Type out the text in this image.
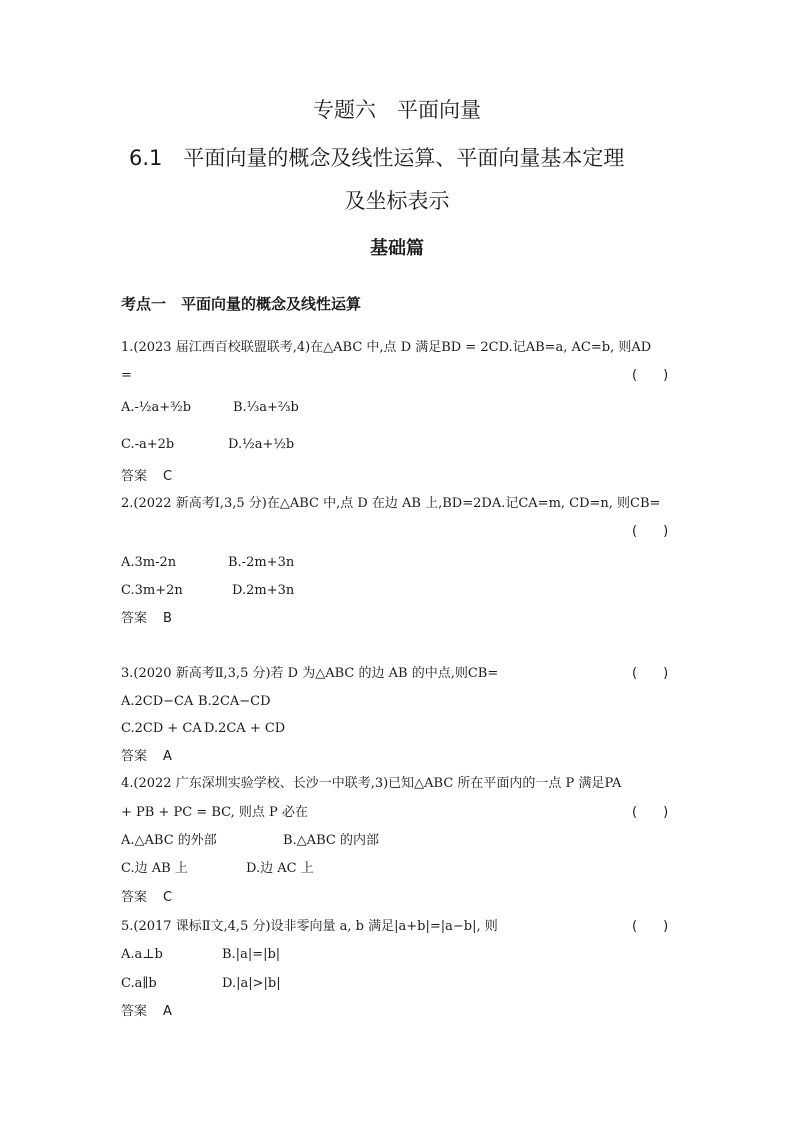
专题六　平面向量
6.1　平面向量的概念及线性运算、平面向量基本定理
及坐标表示
基础篇
考点一　平面向量的概念及线性运算
1.(2023 届江西百校联盟联考,4)在△ABC 中,点 D 满足BD = 2CD.记AB=a, AC=b, 则AD
=	(　　)
A.-½a+³⁄₂b	B.⅓a+⅔b
C.-a+2b	D.½a+½b
答案 C
2.(2022 新高考Ⅰ,3,5 分)在△ABC 中,点 D 在边 AB 上,BD=2DA.记CA=m, CD=n, 则CB=
(　　)
A.3m-2n	B.-2m+3n
C.3m+2n	D.2m+3n
答案 B
3.(2020 新高考Ⅱ,3,5 分)若 D 为△ABC 的边 AB 的中点,则CB=	(　　)
A.2CD−CA B.2CA−CD
C.2CD + CA D.2CA + CD
答案 A
4.(2022 广东深圳实验学校、长沙一中联考,3)已知△ABC 所在平面内的一点 P 满足PA
+ PB + PC = BC, 则点 P 必在	(　　)
A.△ABC 的外部	B.△ABC 的内部
C.边 AB 上	D.边 AC 上
答案 C
5.(2017 课标Ⅱ文,4,5 分)设非零向量 a, b 满足|a+b|=|a−b|, 则	(　　)
A.a⊥b	B.|a|=|b|
C.a∥b	D.|a|>|b|
答案 A
